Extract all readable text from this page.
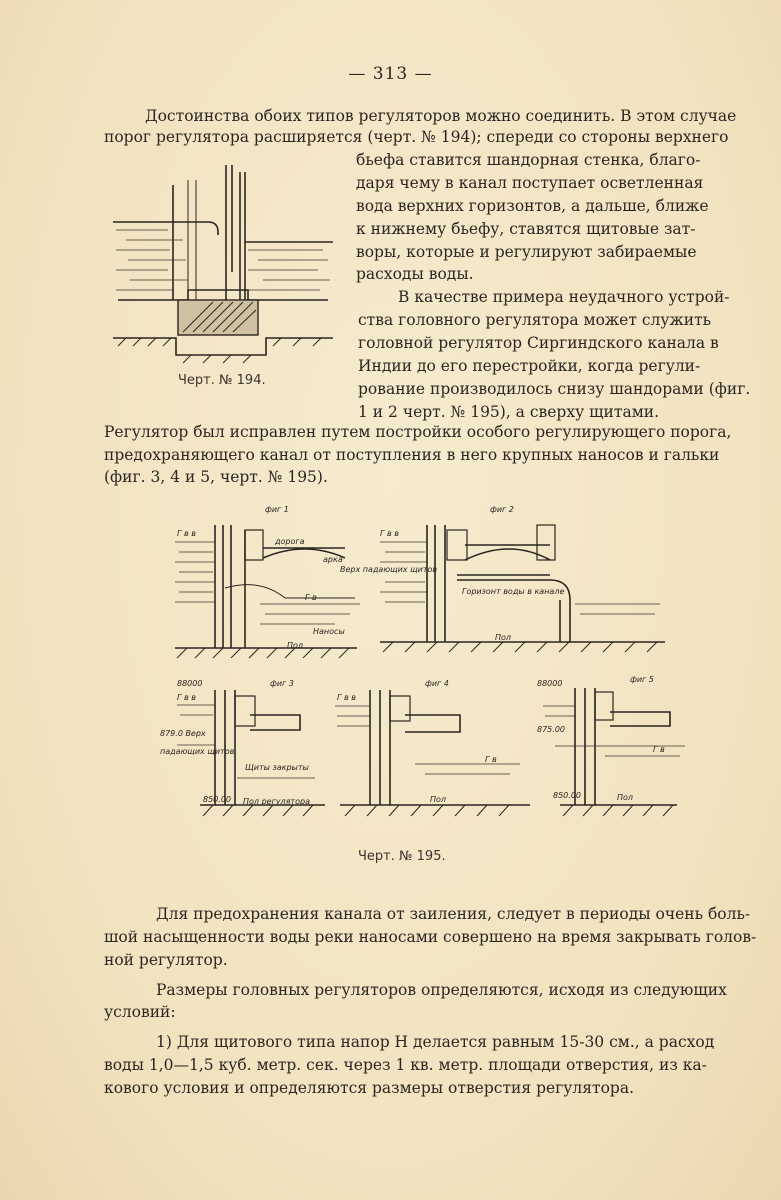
— 313 —
Достоинства обоих типов регуляторов можно соединить. В этом случае
порог регулятора расширяется (черт. № 194); спереди со стороны верхнего
бьефа ставится шандорная стенка, благо-
даря чему в канал поступает осветленная
вода верхних горизонтов, а дальше, ближе
к нижнему бьефу, ставятся щитовые зат-
воры, которые и регулируют забираемые
расходы воды.
В качестве примера неудачного устрой-
ства головного регулятора может служить
головной регулятор Сиргиндского канала в
Индии до его перестройки, когда регули-
рование производилось снизу шандорами (фиг.
1 и 2 черт. № 195), а сверху щитами.
Регулятор был исправлен путем постройки особого регулирующего порога,
предохраняющего канал от поступления в него крупных наносов и гальки
(фиг. 3, 4 и 5, черт. № 195).
Черт. № 194.
фиг 1
Г в в
дорога
арка
Г в
Наносы
Пол
фиг 2
Г в в
Верх падающих щитов
Горизонт воды в канале
Пол
фиг 3
88000
Г в в
879.0 Верх
падающих щитов
Щиты закрыты
850.00 Пол регулятора
фиг 4
Г в в
Г в
Пол
фиг 5
88000
875.00
Г в
850.00	Пол
Черт. № 195.
Для предохранения канала от заиления, следует в периоды очень боль-
шой насыщенности воды реки наносами совершено на время закрывать голов-
ной регулятор.
Размеры головных регуляторов определяются, исходя из следующих
условий:
1) Для щитового типа напор H делается равным 15-30 см., а расход
воды 1,0—1,5 куб. метр. сек. через 1 кв. метр. площади отверстия, из ка-
кового условия и определяются размеры отверстия регулятора.
